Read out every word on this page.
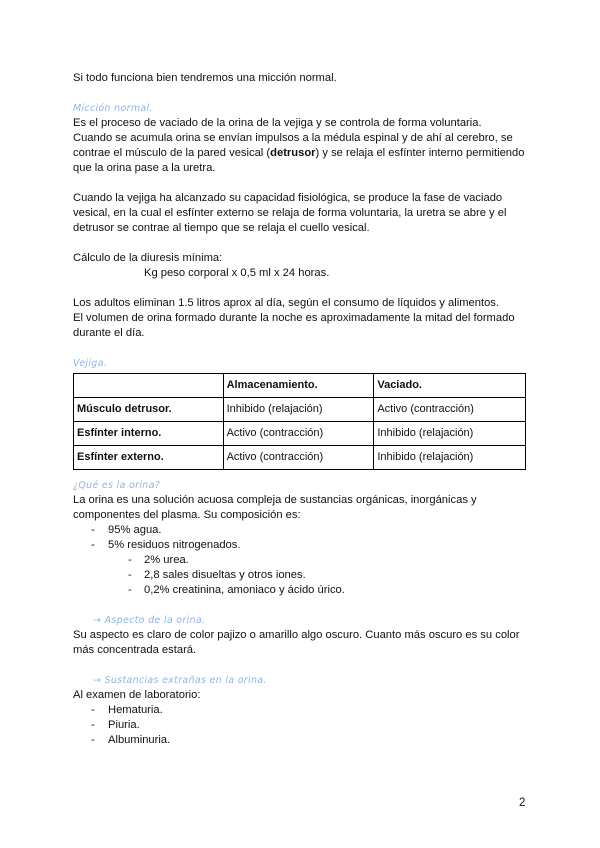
Si todo funciona bien tendremos una micción normal.

Micción normal.

Es el proceso de vaciado de la orina de la vejiga y se controla de forma voluntaria.

Cuando se acumula orina se envían impulsos a la médula espinal y de ahí al cerebro, se

contrae el músculo de la pared vesical (detrusor) y se relaja el esfínter interno permitiendo

que la orina pase a la uretra.

Cuando la vejiga ha alcanzado su capacidad fisiológica, se produce la fase de vaciado

vesical, en la cual el esfínter externo se relaja de forma voluntaria, la uretra se abre y el

detrusor se contrae al tiempo que se relaja el cuello vesical.

Cálculo de la diuresis mínima:

Kg peso corporal x 0,5 ml x 24 horas.

Los adultos eliminan 1.5 litros aprox al día, según el consumo de líquidos y alimentos.

El volumen de orina formado durante la noche es aproximadamente la mitad del formado

durante el día.

Vejiga.

	Almacenamiento.	Vaciado.
Músculo detrusor.	Inhibido (relajación)	Activo (contracción)
Esfínter interno.	Activo (contracción)	Inhibido (relajación)
Esfínter externo.	Activo (contracción)	Inhibido (relajación)

¿Qué es la orina?

La orina es una solución acuosa compleja de sustancias orgánicas, inorgánicas y

componentes del plasma. Su composición es:

- 95% agua.
- 5% residuos nitrogenados.
- 2% urea.
- 2,8 sales disueltas y otros iones.
- 0,2% creatinina, amoniaco y ácido úrico.

→ Aspecto de la orina.

Su aspecto es claro de color pajizo o amarillo algo oscuro. Cuanto más oscuro es su color

más concentrada estará.

→ Sustancias extrañas en la orina.

Al examen de laboratorio:

- Hematuria.
- Piuria.
- Albuminuria.
2
